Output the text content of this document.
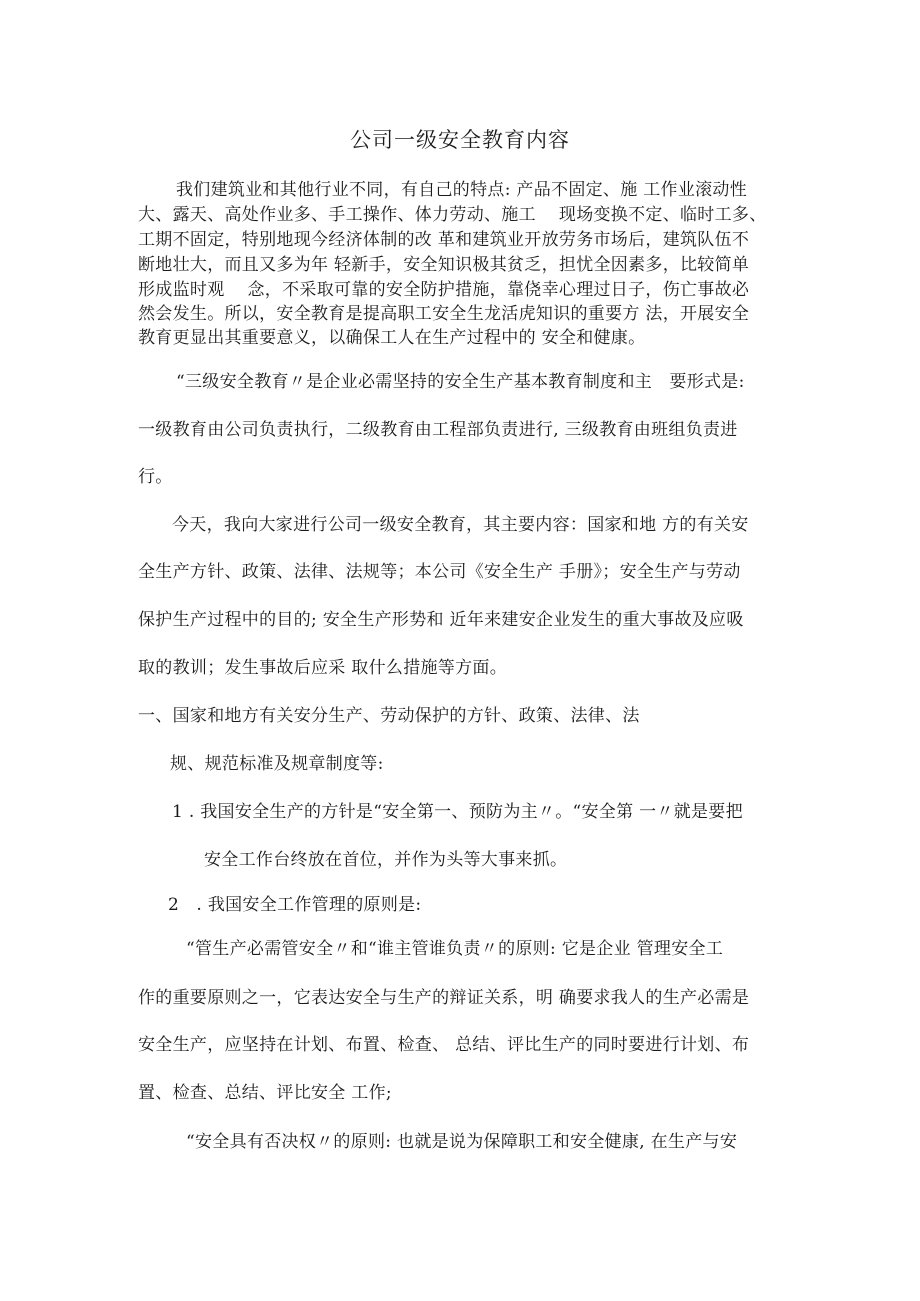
公司一级安全教育内容
我们建筑业和其他行业不同，有自己的特点: 产品不固定、施 工作业滚动性
大、露天、高处作业多、手工操作、体力劳动、施工　 现场变换不定、临时工多、
工期不固定，特别地现今经济体制的改 革和建筑业开放劳务市场后，建筑队伍不
断地壮大，而且又多为年 轻新手，安全知识极其贫乏，担忧全因素多，比较简单
形成监时观　 念，不采取可靠的安全防护措施，靠侥幸心理过日子，伤亡事故必
然会发生。所以，安全教育是提高职工安全生龙活虎知识的重要方 法，开展安全
教育更显出其重要意义，以确保工人在生产过程中的 安全和健康。
“三级安全教育〃是企业必需坚持的安全生产基本教育制度和主　要形式是:
一级教育由公司负责执行，二级教育由工程部负责进行, 三级教育由班组负责进
行。
今天，我向大家进行公司一级安全教育，其主要内容：国家和地 方的有关安
全生产方针、政策、法律、法规等；本公司《安全生产 手册》；安全生产与劳动
保护生产过程中的目的; 安全生产形势和 近年来建安企业发生的重大事故及应吸
取的教训；发生事故后应采 取什么措施等方面。
一、国家和地方有关安分生产、劳动保护的方针、政策、法律、法
规、规范标准及规章制度等:
1 . 我国安全生产的方针是“安全第一、预防为主〃。“安全第 一〃就是要把
安全工作台终放在首位，并作为头等大事来抓。
2　. 我国安全工作管理的原则是:
“管生产必需管安全〃和“谁主管谁负责〃的原则: 它是企业 管理安全工
作的重要原则之一，它表达安全与生产的辩证关系，明 确要求我人的生产必需是
安全生产，应坚持在计划、布置、检查、 总结、评比生产的同时要进行计划、布
置、检查、总结、评比安全 工作;
“安全具有否决权〃的原则: 也就是说为保障职工和安全健康, 在生产与安
